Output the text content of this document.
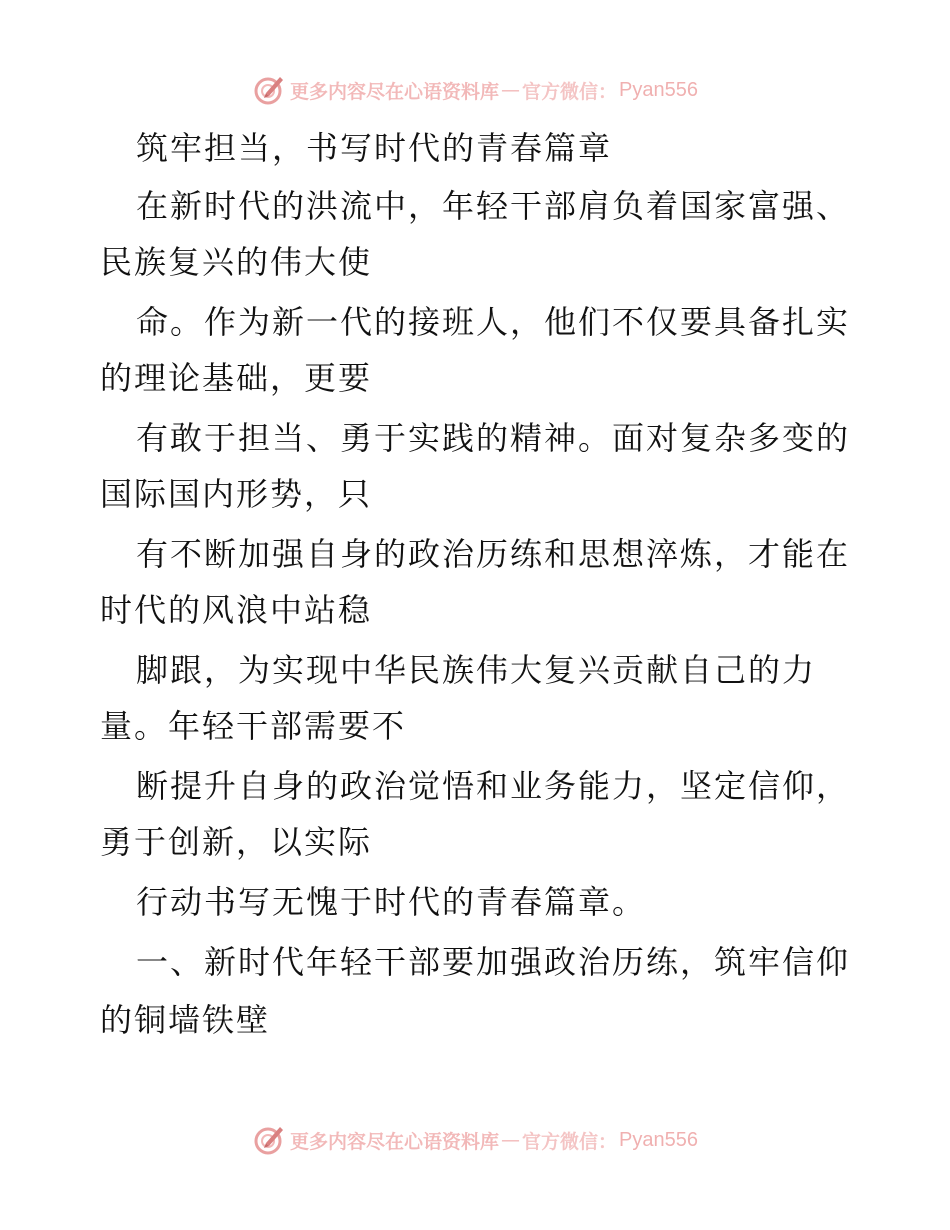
更多内容尽在心语资料库 — 官方微信： Pyan556
筑牢担当，书写时代的青春篇章
在新时代的洪流中，年轻干部肩负着国家富强、
民族复兴的伟大使
命。作为新一代的接班人，他们不仅要具备扎实
的理论基础，更要
有敢于担当、勇于实践的精神。面对复杂多变的
国际国内形势，只
有不断加强自身的政治历练和思想淬炼，才能在
时代的风浪中站稳
脚跟，为实现中华民族伟大复兴贡献自己的力
量。年轻干部需要不
断提升自身的政治觉悟和业务能力，坚定信仰，
勇于创新，以实际
行动书写无愧于时代的青春篇章。
一、新时代年轻干部要加强政治历练，筑牢信仰
的铜墙铁壁
更多内容尽在心语资料库 — 官方微信： Pyan556
